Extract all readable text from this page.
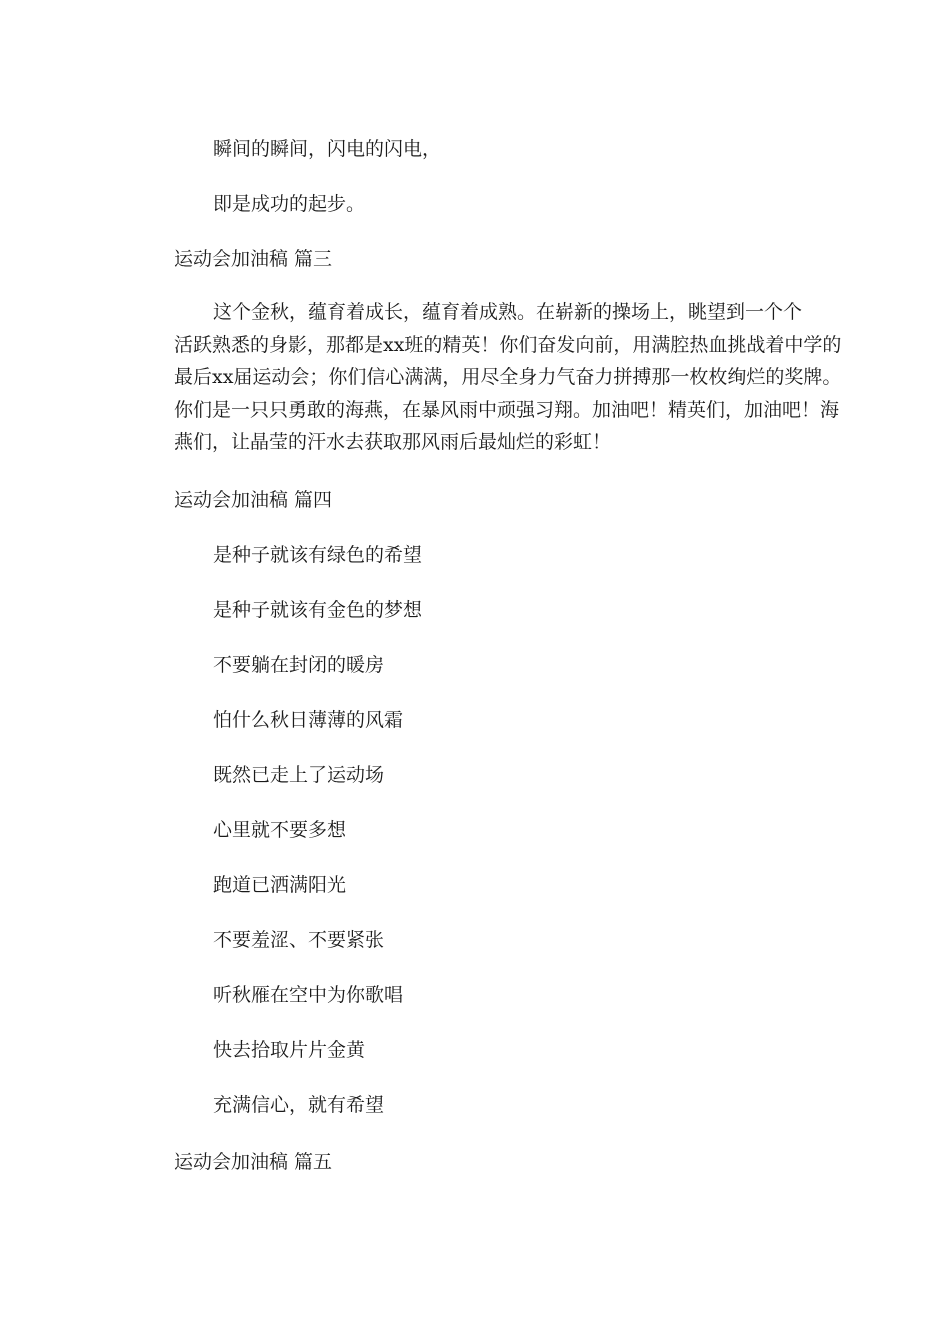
瞬间的瞬间，闪电的闪电，
即是成功的起步。
运动会加油稿 篇三
这个金秋，蕴育着成长，蕴育着成熟。在崭新的操场上，眺望到一个个
活跃熟悉的身影，那都是xx班的精英！你们奋发向前，用满腔热血挑战着中学的
最后xx届运动会；你们信心满满，用尽全身力气奋力拼搏那一枚枚绚烂的奖牌。
你们是一只只勇敢的海燕，在暴风雨中顽强习翔。加油吧！精英们，加油吧！海
燕们，让晶莹的汗水去获取那风雨后最灿烂的彩虹！
运动会加油稿 篇四
是种子就该有绿色的希望
是种子就该有金色的梦想
不要躺在封闭的暖房
怕什么秋日薄薄的风霜
既然已走上了运动场
心里就不要多想
跑道已洒满阳光
不要羞涩、不要紧张
听秋雁在空中为你歌唱
快去拾取片片金黄
充满信心，就有希望
运动会加油稿 篇五
